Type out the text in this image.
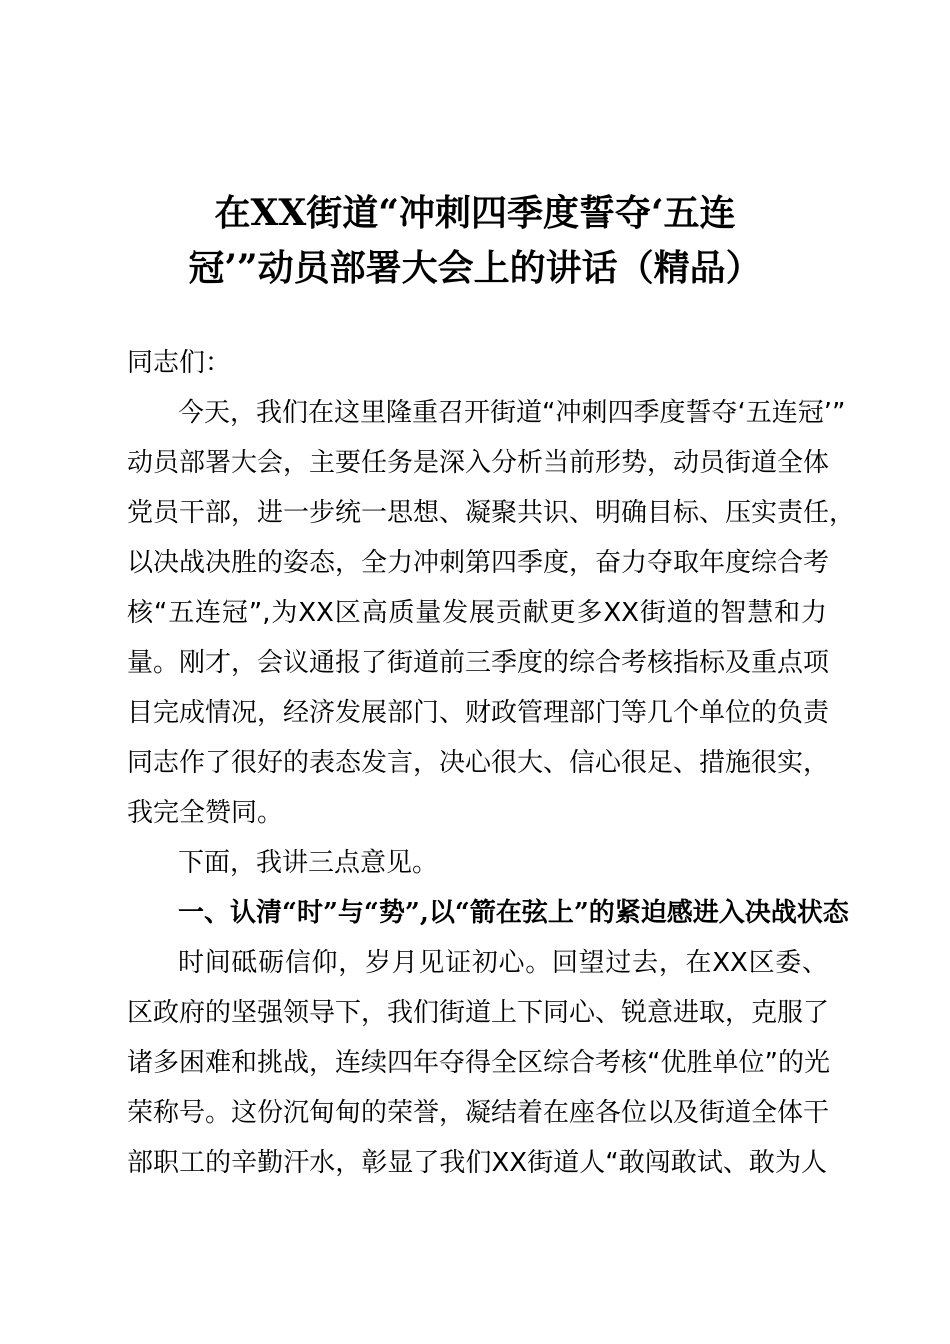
在XX街道“冲刺四季度誓夺‘五连
冠’”动员部署大会上的讲话（精品）
同志们：
今天，我们在这里隆重召开街道“冲刺四季度誓夺‘五连冠’”
动员部署大会，主要任务是深入分析当前形势，动员街道全体
党员干部，进一步统一思想、凝聚共识、明确目标、压实责任，
以决战决胜的姿态，全力冲刺第四季度，奋力夺取年度综合考
核“五连冠”,为XX区高质量发展贡献更多XX街道的智慧和力
量。刚才，会议通报了街道前三季度的综合考核指标及重点项
目完成情况，经济发展部门、财政管理部门等几个单位的负责
同志作了很好的表态发言，决心很大、信心很足、措施很实，
我完全赞同。
下面，我讲三点意见。
一、认清“时”与“势”,以“箭在弦上”的紧迫感进入决战状态
时间砥砺信仰，岁月见证初心。回望过去，在XX区委、
区政府的坚强领导下，我们街道上下同心、锐意进取，克服了
诸多困难和挑战，连续四年夺得全区综合考核“优胜单位”的光
荣称号。这份沉甸甸的荣誉，凝结着在座各位以及街道全体干
部职工的辛勤汗水，彰显了我们XX街道人“敢闯敢试、敢为人
